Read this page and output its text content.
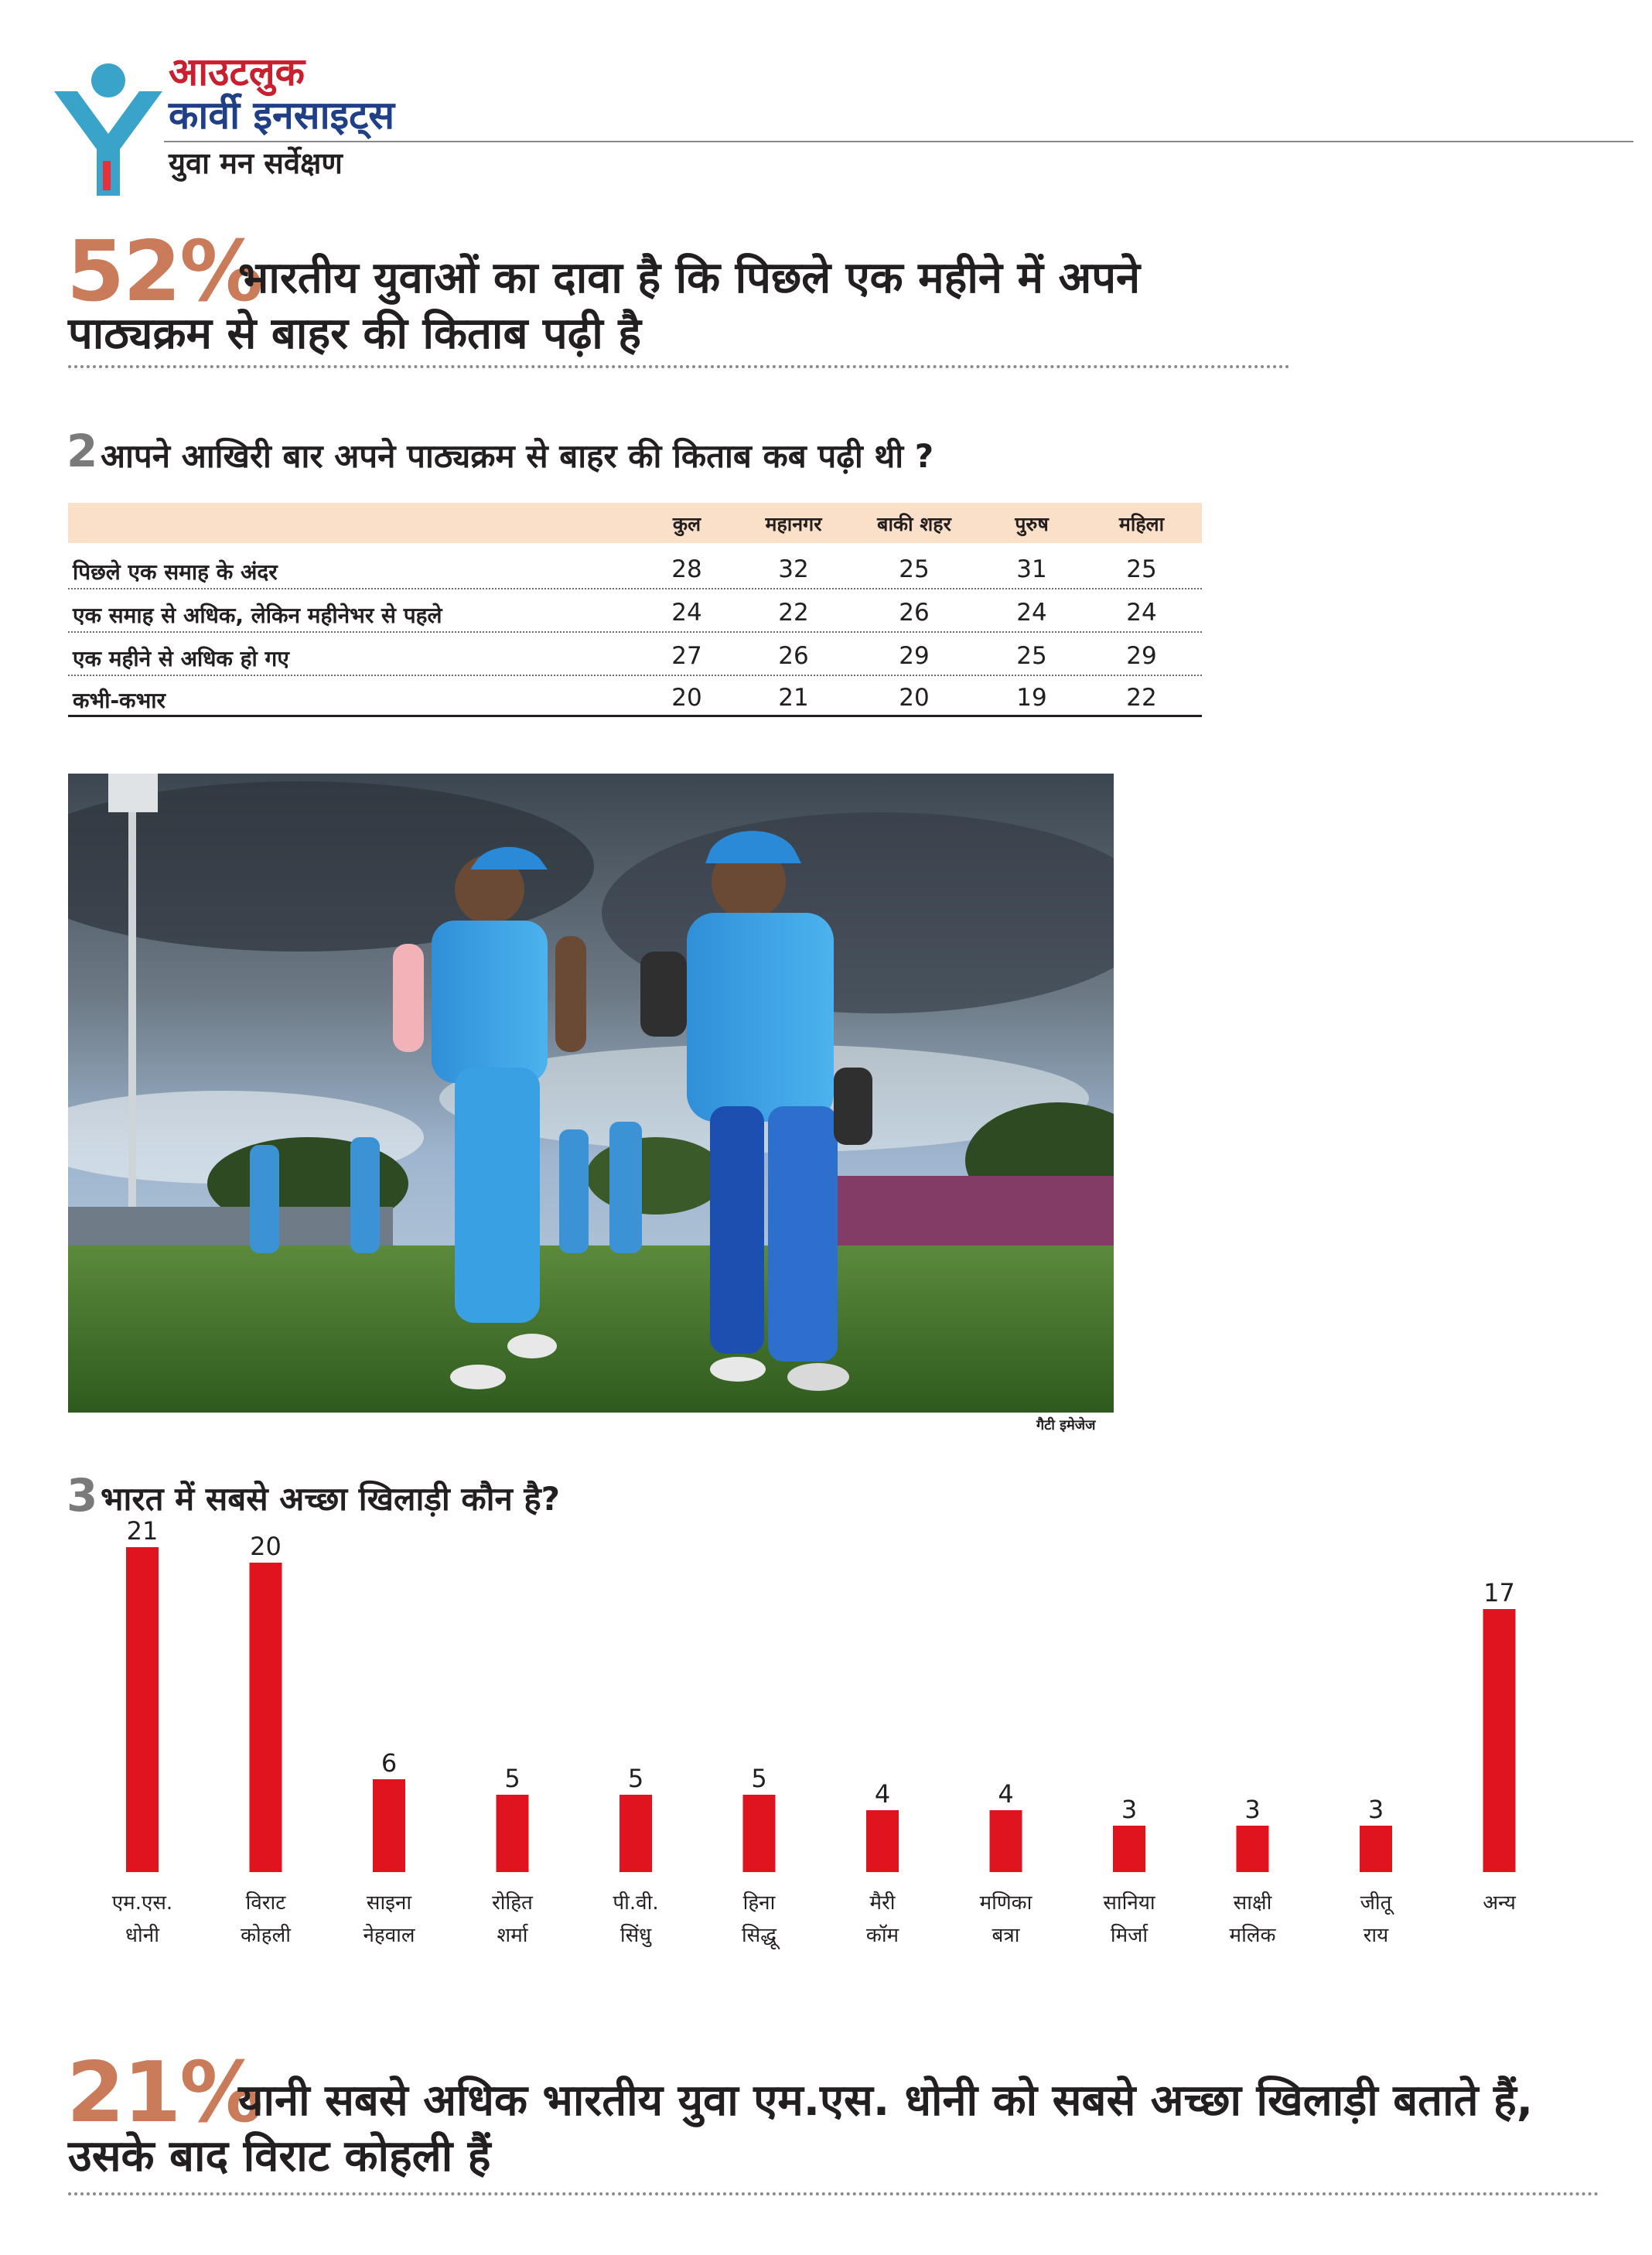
आउटलुक
कार्वी इनसाइट्स
युवा मन सर्वेक्षण
52%
भारतीय युवाओं का दावा है कि पिछले एक महीने में अपने
पाठ्यक्रम से बाहर की किताब पढ़ी है
2 आपने आखिरी बार अपने पाठ्यक्रम से बाहर की किताब कब पढ़ी थी ?
कुल	महानगर	बाकी शहर	पुरुष	महिला
पिछले एक समाह के अंदर	28	32	25	31	25
एक समाह से अधिक, लेकिन महीनेभर से पहले	24	22	26	24	24
एक महीने से अधिक हो गए	27	26	29	25	29
कभी-कभार	20	21	20	19	22
गैटी इमेजेज
3 भारत में सबसे अच्छा खिलाड़ी कौन है?
21
एम.एस.
धोनी
20
विराट
कोहली
6
साइना
नेहवाल
5
रोहित
शर्मा
5
पी.वी.
सिंधु
5
हिना
सिद्धू
4
मैरी
कॉम
4
मणिका
बत्रा
3
सानिया
मिर्जा
3
साक्षी
मलिक
3
जीतू
राय
17
अन्य
21%
यानी सबसे अधिक भारतीय युवा एम.एस. धोनी को सबसे अच्छा खिलाड़ी बताते हैं,
उसके बाद विराट कोहली हैं
